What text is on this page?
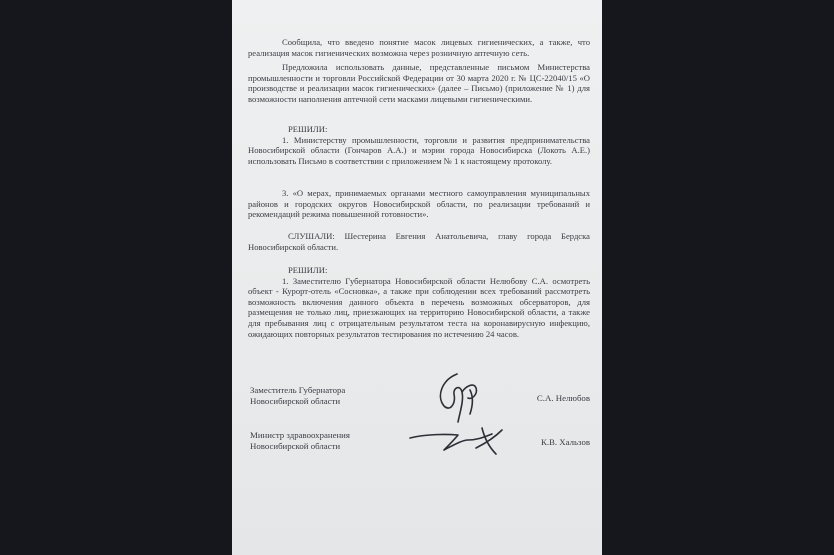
Сообщила, что введено понятие масок лицевых гигиенических, а также, что реализация масок гигиенических возможна через розничную аптечную сеть.

Предложила использовать данные, представленные письмом Министерства промышленности и торговли Российской Федерации от 30 марта 2020 г. № ЦС-22040/15 «О производстве и реализации масок гигиенических» (далее – Письмо) (приложение № 1) для возможности наполнения аптечной сети масками лицевыми гигиеническими.

РЕШИЛИ:

1. Министерству промышленности, торговли и развития предпринимательства Новосибирской области (Гончаров А.А.) и мэрии города Новосибирска (Локоть А.Е.) использовать Письмо в соответствии с приложением № 1 к настоящему протоколу.

3. «О мерах, принимаемых органами местного самоуправления муниципальных районов и городских округов Новосибирской области, по реализации требований и рекомендаций режима повышенной готовности».

СЛУШАЛИ: Шестерина Евгения Анатольевича, главу города Бердска Новосибирской области.

РЕШИЛИ:

1. Заместителю Губернатора Новосибирской области Нелюбову С.А. осмотреть объект - Курорт-отель «Сосновка», а также при соблюдении всех требований рассмотреть возможность включения данного объекта в перечень возможных обсерваторов, для размещения не только лиц, приезжающих на территорию Новосибирской области, а также для пребывания лиц с отрицательным результатом теста на коронавирусную инфекцию, ожидающих повторных результатов тестирования по истечению 24 часов.

Заместитель Губернатора
Новосибирской области	С.А. Нелюбов
Министр здравоохранения
Новосибирской области	К.В. Хальзов
